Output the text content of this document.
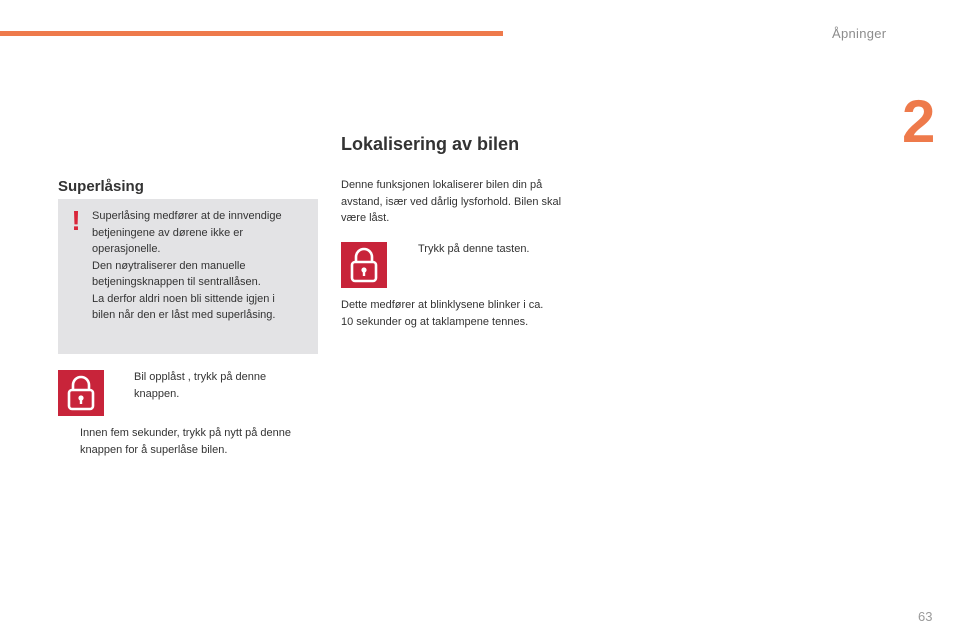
Åpninger
2
Superlåsing
!	Superlåsing medfører at de innvendige
betjeningene av dørene ikke er
operasjonelle.
Den nøytraliserer den manuelle
betjeningsknappen til sentrallåsen.
La derfor aldri noen bli sittende igjen i
bilen når den er låst med superlåsing.
Bil opplåst , trykk på denne
knappen.
Innen fem sekunder, trykk på nytt på denne
knappen for å superlåse bilen.
Lokalisering av bilen
Denne funksjonen lokaliserer bilen din på
avstand, især ved dårlig lysforhold. Bilen skal
være låst.
Trykk på denne tasten.
Dette medfører at blinklysene blinker i ca.
10 sekunder og at taklampene tennes.
63
